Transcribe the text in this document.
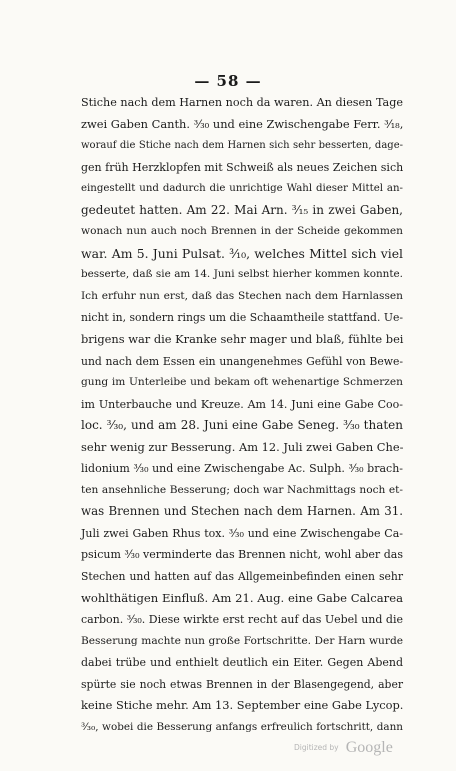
— 58 —
Stiche nach dem Harnen noch da waren. An diesen Tage
zwei Gaben Canth. ³⁄₃₀ und eine Zwischengabe Ferr. ³⁄₁₈,
worauf die Stiche nach dem Harnen sich sehr besserten, dage-
gen früh Herzklopfen mit Schweiß als neues Zeichen sich
eingestellt und dadurch die unrichtige Wahl dieser Mittel an-
gedeutet hatten. Am 22. Mai Arn. ³⁄₁₅ in zwei Gaben,
wonach nun auch noch Brennen in der Scheide gekommen
war. Am 5. Juni Pulsat. ³⁄₁₀, welches Mittel sich viel
besserte, daß sie am 14. Juni selbst hierher kommen konnte.
Ich erfuhr nun erst, daß das Stechen nach dem Harnlassen
nicht in, sondern rings um die Schaamtheile stattfand. Ue-
brigens war die Kranke sehr mager und blaß, fühlte bei
und nach dem Essen ein unangenehmes Gefühl von Bewe-
gung im Unterleibe und bekam oft wehenartige Schmerzen
im Unterbauche und Kreuze. Am 14. Juni eine Gabe Coo-
loc. ³⁄₃₀, und am 28. Juni eine Gabe Seneg. ³⁄₃₀ thaten
sehr wenig zur Besserung. Am 12. Juli zwei Gaben Che-
lidonium ³⁄₃₀ und eine Zwischengabe Ac. Sulph. ³⁄₃₀ brach-
ten ansehnliche Besserung; doch war Nachmittags noch et-
was Brennen und Stechen nach dem Harnen. Am 31.
Juli zwei Gaben Rhus tox. ³⁄₃₀ und eine Zwischengabe Ca-
psicum ³⁄₃₀ verminderte das Brennen nicht, wohl aber das
Stechen und hatten auf das Allgemeinbefinden einen sehr
wohlthätigen Einfluß. Am 21. Aug. eine Gabe Calcarea
carbon. ³⁄₃₀. Diese wirkte erst recht auf das Uebel und die
Besserung machte nun große Fortschritte. Der Harn wurde
dabei trübe und enthielt deutlich ein Eiter. Gegen Abend
spürte sie noch etwas Brennen in der Blasengegend, aber
keine Stiche mehr. Am 13. September eine Gabe Lycop.
³⁄₃₀, wobei die Besserung anfangs erfreulich fortschritt, dann
Digitized by Google
